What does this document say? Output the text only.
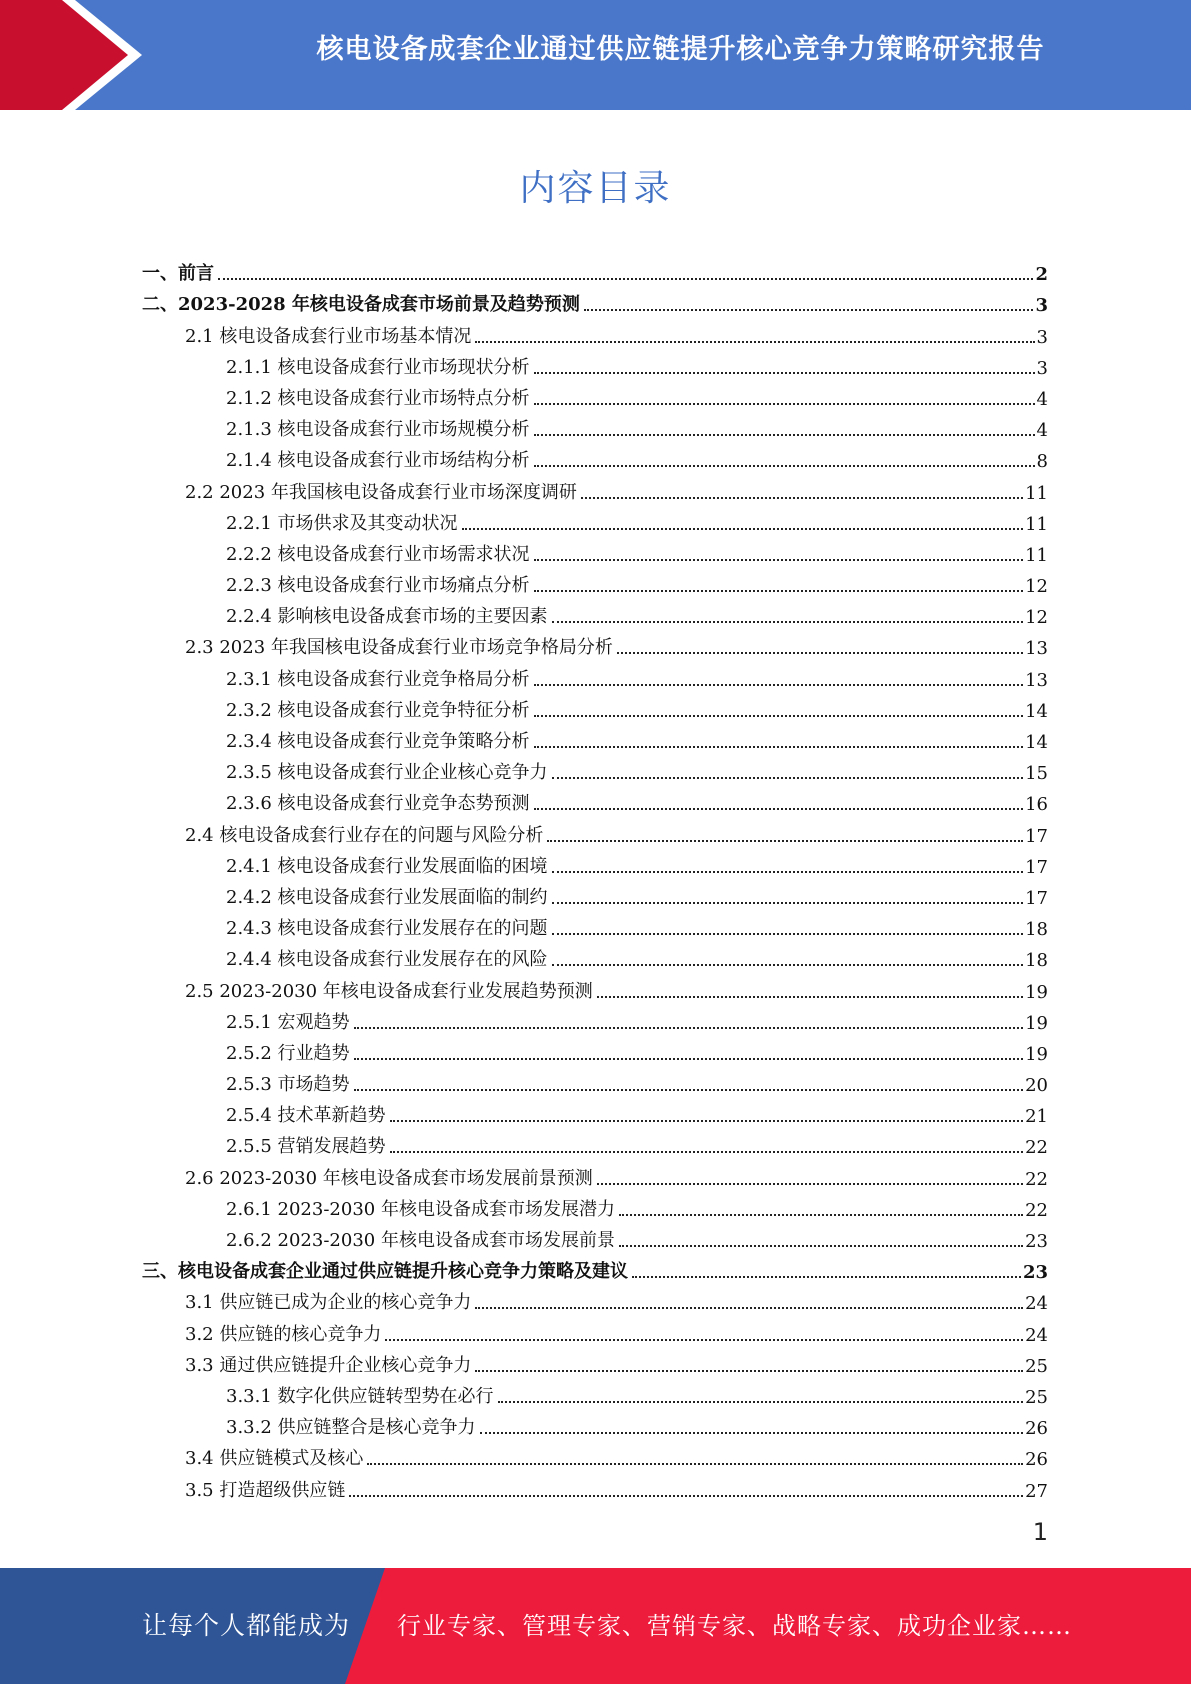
核电设备成套企业通过供应链提升核心竞争力策略研究报告
内容目录
一、前言	2
二、2023-2028 年核电设备成套市场前景及趋势预测	3
2.1 核电设备成套行业市场基本情况	3
2.1.1 核电设备成套行业市场现状分析	3
2.1.2 核电设备成套行业市场特点分析	4
2.1.3 核电设备成套行业市场规模分析	4
2.1.4 核电设备成套行业市场结构分析	8
2.2 2023 年我国核电设备成套行业市场深度调研	11
2.2.1 市场供求及其变动状况	11
2.2.2 核电设备成套行业市场需求状况	11
2.2.3 核电设备成套行业市场痛点分析	12
2.2.4 影响核电设备成套市场的主要因素	12
2.3 2023 年我国核电设备成套行业市场竞争格局分析	13
2.3.1 核电设备成套行业竞争格局分析	13
2.3.2 核电设备成套行业竞争特征分析	14
2.3.4 核电设备成套行业竞争策略分析	14
2.3.5 核电设备成套行业企业核心竞争力	15
2.3.6 核电设备成套行业竞争态势预测	16
2.4 核电设备成套行业存在的问题与风险分析	17
2.4.1 核电设备成套行业发展面临的困境	17
2.4.2 核电设备成套行业发展面临的制约	17
2.4.3 核电设备成套行业发展存在的问题	18
2.4.4 核电设备成套行业发展存在的风险	18
2.5 2023-2030 年核电设备成套行业发展趋势预测	19
2.5.1 宏观趋势	19
2.5.2 行业趋势	19
2.5.3 市场趋势	20
2.5.4 技术革新趋势	21
2.5.5 营销发展趋势	22
2.6 2023-2030 年核电设备成套市场发展前景预测	22
2.6.1 2023-2030 年核电设备成套市场发展潜力	22
2.6.2 2023-2030 年核电设备成套市场发展前景	23
三、核电设备成套企业通过供应链提升核心竞争力策略及建议	23
3.1 供应链已成为企业的核心竞争力	24
3.2 供应链的核心竞争力	24
3.3 通过供应链提升企业核心竞争力	25
3.3.1 数字化供应链转型势在必行	25
3.3.2 供应链整合是核心竞争力	26
3.4 供应链模式及核心	26
3.5 打造超级供应链	27
1
让每个人都能成为 行业专家、管理专家、营销专家、战略专家、成功企业家……
